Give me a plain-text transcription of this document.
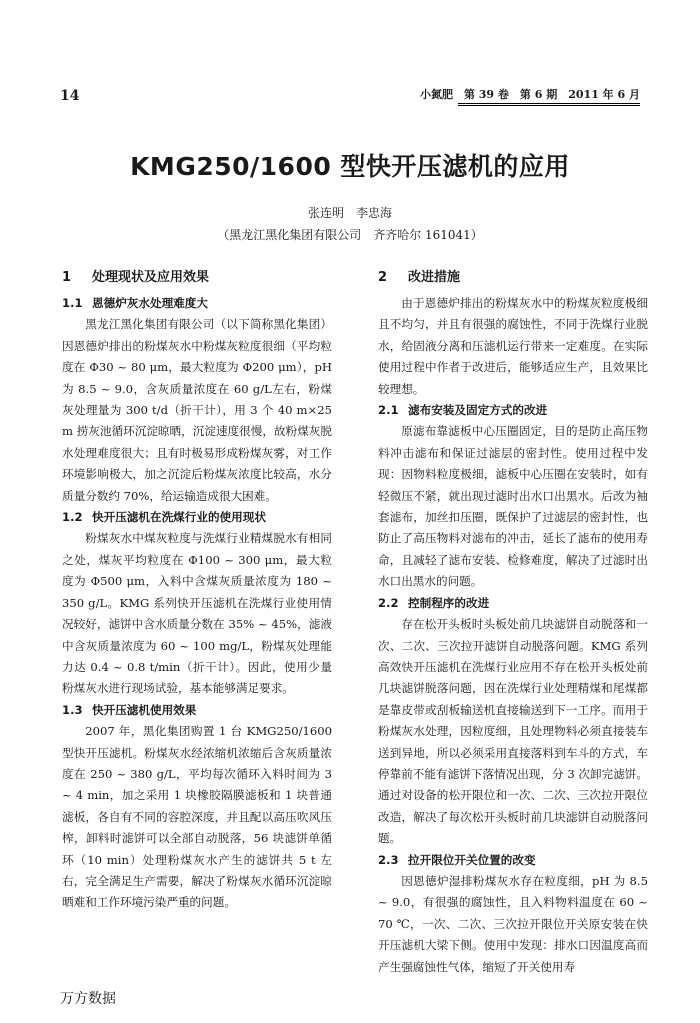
14	小氮肥　第 39 卷　第 6 期　2011 年 6 月
KMG250/1600 型快开压滤机的应用
张连明　李忠海
（黑龙江黑化集团有限公司　齐齐哈尔 161041）
1 处理现状及应用效果
1.1 恩德炉灰水处理难度大

黑龙江黑化集团有限公司（以下简称黑化集团）因恩德炉排出的粉煤灰水中粉煤灰粒度很细（平均粒度在 Φ30 ~ 80 μm，最大粒度为 Φ200 μm），pH 为 8.5 ~ 9.0，含灰质量浓度在 60 g/L左右，粉煤灰处理量为 300 t/d（折干计），用 3 个 40 m×25 m 捞灰池循环沉淀晾晒，沉淀速度很慢，故粉煤灰脱水处理难度很大；且有时极易形成粉煤灰雾，对工作环境影响极大，加之沉淀后粉煤灰浓度比较高，水分质量分数约 70%，给运输造成很大困难。

1.2 快开压滤机在洗煤行业的使用现状

粉煤灰水中煤灰粒度与洗煤行业精煤脱水有相同之处，煤灰平均粒度在 Φ100 ~ 300 μm，最大粒度为 Φ500 μm，入料中含煤灰质量浓度为 180 ~ 350 g/L。KMG 系列快开压滤机在洗煤行业使用情况较好，滤饼中含水质量分数在 35% ~ 45%，滤液中含灰质量浓度为 60 ~ 100 mg/L，粉煤灰处理能力达 0.4 ~ 0.8 t/min（折干计）。因此，使用少量粉煤灰水进行现场试验，基本能够满足要求。

1.3 快开压滤机使用效果

2007 年，黑化集团购置 1 台 KMG250/1600 型快开压滤机。粉煤灰水经浓缩机浓缩后含灰质量浓度在 250 ~ 380 g/L，平均每次循环入料时间为 3 ~ 4 min，加之采用 1 块橡胶隔膜滤板和 1 块普通滤板，各自有不同的容腔深度，并且配以高压吹风压榨，卸料时滤饼可以全部自动脱落，56 块滤饼单循环（10 min）处理粉煤灰水产生的滤饼共 5 t 左右，完全满足生产需要，解决了粉煤灰水循环沉淀晾晒难和工作环境污染严重的问题。

2 改进措施

由于恩德炉排出的粉煤灰水中的粉煤灰粒度极细且不均匀，并且有很强的腐蚀性，不同于洗煤行业脱水，给固液分离和压滤机运行带来一定难度。在实际使用过程中作者于改进后，能够适应生产，且效果比较理想。

2.1 滤布安装及固定方式的改进

原滤布靠滤板中心压圈固定，目的是防止高压物料冲击滤布和保证过滤层的密封性。使用过程中发现：因物料粒度极细，滤板中心压圈在安装时，如有轻微压不紧，就出现过滤时出水口出黑水。后改为袖套滤布，加丝扣压圈，既保护了过滤层的密封性，也防止了高压物料对滤布的冲击，延长了滤布的使用寿命，且减轻了滤布安装、检修难度，解决了过滤时出水口出黑水的问题。

2.2 控制程序的改进

存在松开头板时头板处前几块滤饼自动脱落和一次、二次、三次拉开滤饼自动脱落问题。KMG 系列高效快开压滤机在洗煤行业应用不存在松开头板处前几块滤饼脱落问题，因在洗煤行业处理精煤和尾煤都是靠皮带或刮板输送机直接输送到下一工序。而用于粉煤灰水处理，因粒度细，且处理物料必须直接装车送到异地，所以必须采用直接落料到车斗的方式，车停靠前不能有滤饼下落情况出现，分 3 次卸完滤饼。通过对设备的松开限位和一次、二次、三次拉开限位改造，解决了每次松开头板时前几块滤饼自动脱落问题。

2.3 拉开限位开关位置的改变

因恩德炉湿排粉煤灰水存在粒度细，pH 为 8.5 ~ 9.0，有很强的腐蚀性，且入料物料温度在 60 ~ 70 ℃，一次、二次、三次拉开限位开关原安装在快开压滤机大梁下侧。使用中发现：排水口因温度高而产生强腐蚀性气体，缩短了开关使用寿

万方数据
